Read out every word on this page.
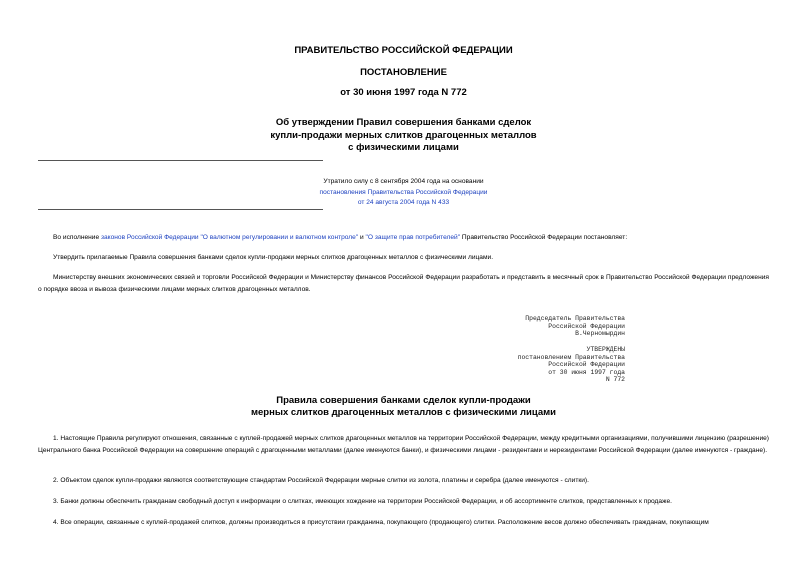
ПРАВИТЕЛЬСТВО РОССИЙСКОЙ ФЕДЕРАЦИИ
ПОСТАНОВЛЕНИЕ
от 30 июня 1997 года N 772
Об утверждении Правил совершения банками сделок
купли-продажи мерных слитков драгоценных металлов
с физическими лицами
Утратило силу с 8 сентября 2004 года на основании
постановления Правительства Российской Федерации
от 24 августа 2004 года N 433
Во исполнение законов Российской Федерации "О валютном регулировании и валютном контроле" и "О защите прав потребителей" Правительство Российской Федерации постановляет:
Утвердить прилагаемые Правила совершения банками сделок купли-продажи мерных слитков драгоценных металлов с физическими лицами.
Министерству внешних экономических связей и торговли Российской Федерации и Министерству финансов Российской Федерации разработать и представить в месячный срок в Правительство Российской Федерации предложения о порядке ввоза и вывоза физическими лицами мерных слитков драгоценных металлов.
Председатель Правительства
Российской Федерации
В.Черномырдин
УТВЕРЖДЕНЫ
постановлением Правительства
Российской Федерации
от 30 июня 1997 года
N 772
Правила совершения банками сделок купли-продажи
мерных слитков драгоценных металлов с физическими лицами
1. Настоящие Правила регулируют отношения, связанные с куплей-продажей мерных слитков драгоценных металлов на территории Российской Федерации, между кредитными организациями, получившими лицензию (разрешение) Центрального банка Российской Федерации на совершение операций с драгоценными металлами (далее именуются банки), и физическими лицами - резидентами и нерезидентами Российской Федерации (далее именуются - граждане).
2. Объектом сделок купли-продажи являются соответствующие стандартам Российской Федерации мерные слитки из золота, платины и серебра (далее именуются - слитки).
3. Банки должны обеспечить гражданам свободный доступ к информации о слитках, имеющих хождение на территории Российской Федерации, и об ассортименте слитков, представленных к продаже.
4. Все операции, связанные с куплей-продажей слитков, должны производиться в присутствии гражданина, покупающего (продающего) слитки. Расположение весов должно обеспечивать гражданам, покупающим
